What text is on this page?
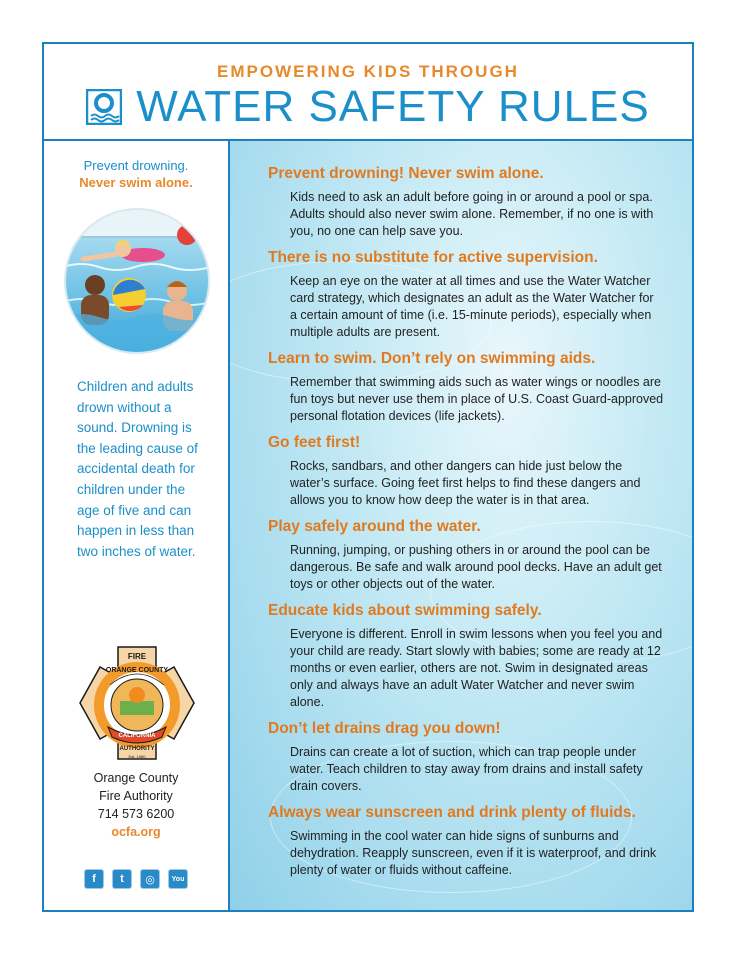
EMPOWERING KIDS THROUGH
WATER SAFETY RULES
Prevent drowning.
Never swim alone.
Children and adults drown without a sound. Drowning is the leading cause of accidental death for children under the age of five and can happen in less than two inches of water.
FIRE
ORANGE COUNTY
CALIFORNIA
AUTHORITY
Est. 1980
Orange County
Fire Authority
714 573 6200
ocfa.org
f	t	◎	You
Prevent drowning! Never swim alone.

Kids need to ask an adult before going in or around a pool or spa. Adults should also never swim alone. Remember, if no one is with you, no one can help save you.

There is no substitute for active supervision.

Keep an eye on the water at all times and use the Water Watcher card strategy, which designates an adult as the Water Watcher for a certain amount of time (i.e. 15-minute periods), especially when multiple adults are present.

Learn to swim. Don’t rely on swimming aids.

Remember that swimming aids such as water wings or noodles are fun toys but never use them in place of U.S. Coast Guard-approved personal flotation devices (life jackets).

Go feet first!

Rocks, sandbars, and other dangers can hide just below the water’s surface. Going feet first helps to find these dangers and allows you to know how deep the water is in that area.

Play safely around the water.

Running, jumping, or pushing others in or around the pool can be dangerous. Be safe and walk around pool decks. Have an adult get toys or other objects out of the water.

Educate kids about swimming safely.

Everyone is different. Enroll in swim lessons when you feel you and your child are ready. Start slowly with babies; some are ready at 12 months or even earlier, others are not. Swim in designated areas only and always have an adult Water Watcher and never swim alone.

Don’t let drains drag you down!

Drains can create a lot of suction, which can trap people under water. Teach children to stay away from drains and install safety drain covers.

Always wear sunscreen and drink plenty of fluids.

Swimming in the cool water can hide signs of sunburns and dehydration. Reapply sunscreen, even if it is waterproof, and drink plenty of water or fluids without caffeine.
